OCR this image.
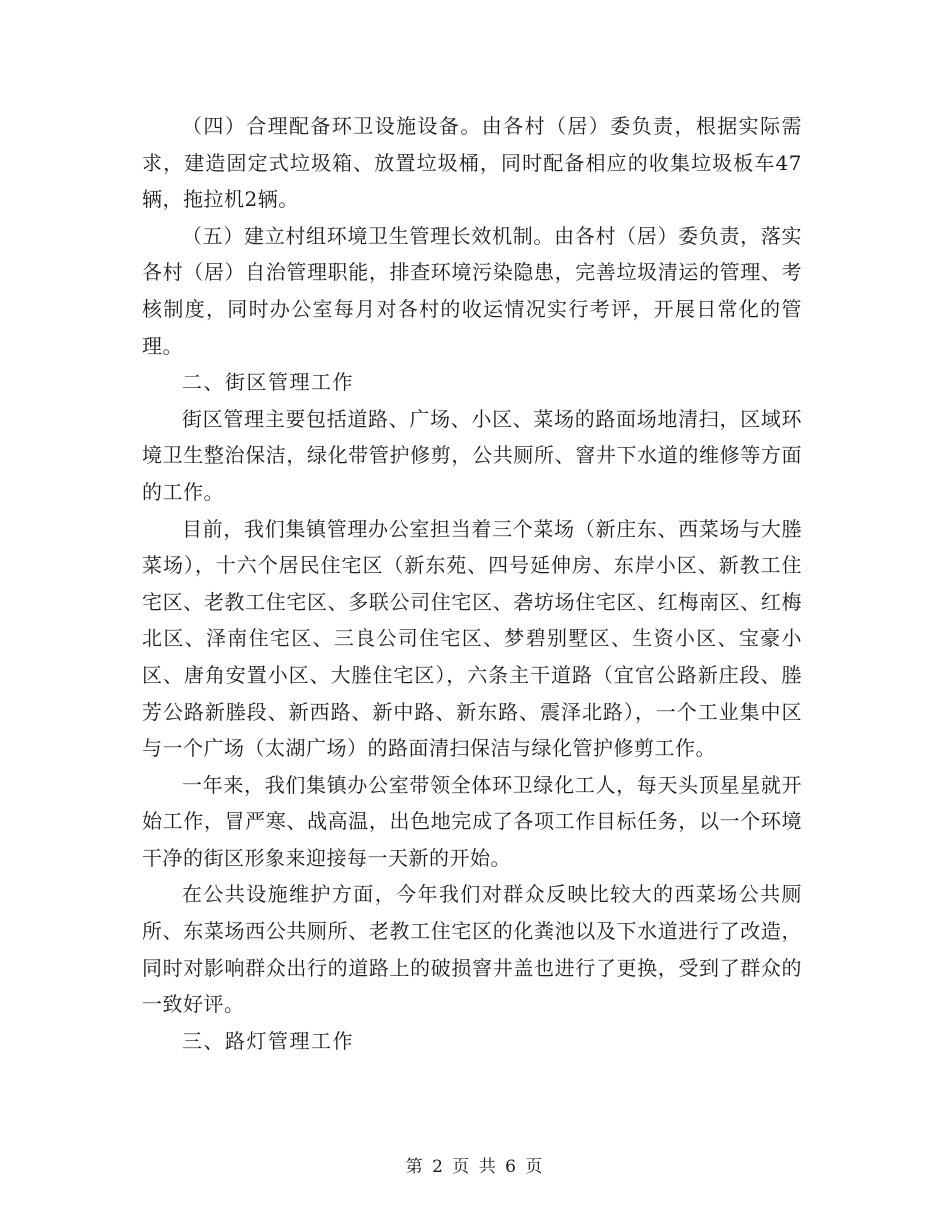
（四）合理配备环卫设施设备。由各村（居）委负责，根据实际需求，建造固定式垃圾箱、放置垃圾桶，同时配备相应的收集垃圾板车47辆，拖拉机2辆。

（五）建立村组环境卫生管理长效机制。由各村（居）委负责，落实各村（居）自治管理职能，排查环境污染隐患，完善垃圾清运的管理、考核制度，同时办公室每月对各村的收运情况实行考评，开展日常化的管理。

二、街区管理工作

街区管理主要包括道路、广场、小区、菜场的路面场地清扫，区域环境卫生整治保洁，绿化带管护修剪，公共厕所、窨井下水道的维修等方面的工作。

目前，我们集镇管理办公室担当着三个菜场（新庄东、西菜场与大塍菜场），十六个居民住宅区（新东苑、四号延伸房、东岸小区、新教工住宅区、老教工住宅区、多联公司住宅区、砻坊场住宅区、红梅南区、红梅北区、泽南住宅区、三良公司住宅区、梦碧别墅区、生资小区、宝豪小区、唐角安置小区、大塍住宅区），六条主干道路（宜官公路新庄段、塍芳公路新塍段、新西路、新中路、新东路、震泽北路），一个工业集中区与一个广场（太湖广场）的路面清扫保洁与绿化管护修剪工作。

一年来，我们集镇办公室带领全体环卫绿化工人，每天头顶星星就开始工作，冒严寒、战高温，出色地完成了各项工作目标任务，以一个环境干净的街区形象来迎接每一天新的开始。

在公共设施维护方面，今年我们对群众反映比较大的西菜场公共厕所、东菜场西公共厕所、老教工住宅区的化粪池以及下水道进行了改造，同时对影响群众出行的道路上的破损窨井盖也进行了更换，受到了群众的一致好评。

三、路灯管理工作

第 2 页 共 6 页
